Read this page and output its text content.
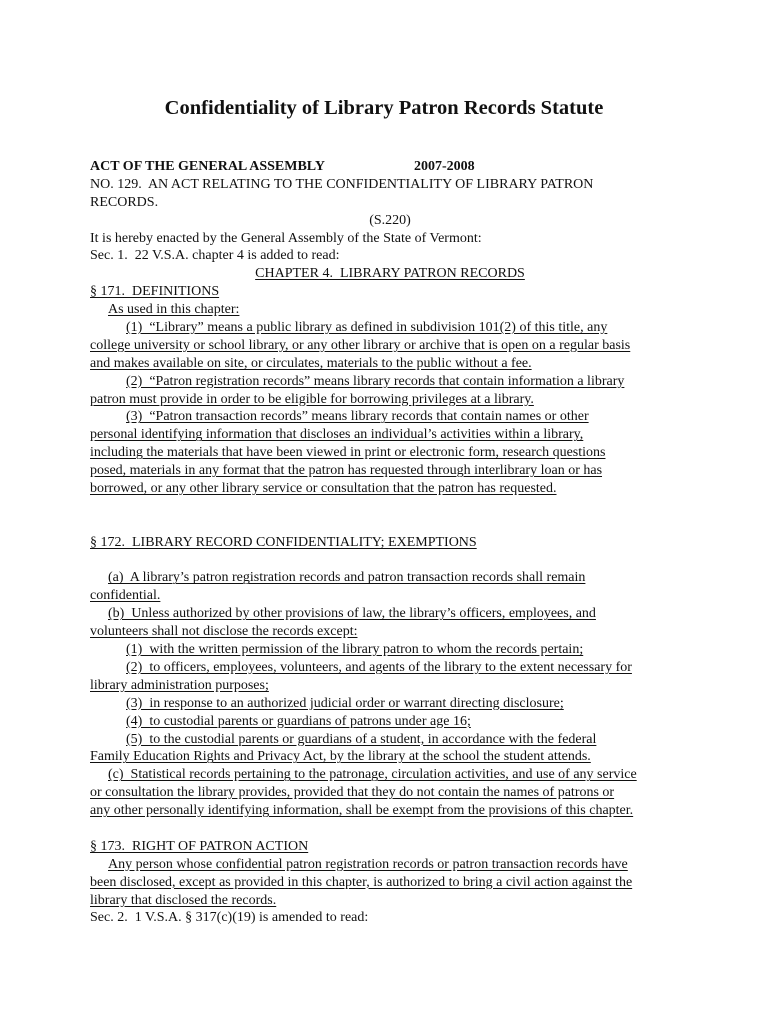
Confidentiality of Library Patron Records Statute
ACT OF THE GENERAL ASSEMBLY	2007-2008
NO. 129.  AN ACT RELATING TO THE CONFIDENTIALITY OF LIBRARY PATRON
RECORDS.
(S.220)
It is hereby enacted by the General Assembly of the State of Vermont:
Sec. 1.  22 V.S.A. chapter 4 is added to read:
CHAPTER 4.  LIBRARY PATRON RECORDS
§ 171.  DEFINITIONS
As used in this chapter:
(1)  “Library” means a public library as defined in subdivision 101(2) of this title, any
college university or school library, or any other library or archive that is open on a regular basis
and makes available on site, or circulates, materials to the public without a fee.
(2)  “Patron registration records” means library records that contain information a library
patron must provide in order to be eligible for borrowing privileges at a library.
(3)  “Patron transaction records” means library records that contain names or other
personal identifying information that discloses an individual’s activities within a library,
including the materials that have been viewed in print or electronic form, research questions
posed, materials in any format that the patron has requested through interlibrary loan or has
borrowed, or any other library service or consultation that the patron has requested.
§ 172.  LIBRARY RECORD CONFIDENTIALITY; EXEMPTIONS
(a)  A library’s patron registration records and patron transaction records shall remain
confidential.
(b)  Unless authorized by other provisions of law, the library’s officers, employees, and
volunteers shall not disclose the records except:
(1)  with the written permission of the library patron to whom the records pertain;
(2)  to officers, employees, volunteers, and agents of the library to the extent necessary for
library administration purposes;
(3)  in response to an authorized judicial order or warrant directing disclosure;
(4)  to custodial parents or guardians of patrons under age 16;
(5)  to the custodial parents or guardians of a student, in accordance with the federal
Family Education Rights and Privacy Act, by the library at the school the student attends.
(c)  Statistical records pertaining to the patronage, circulation activities, and use of any service
or consultation the library provides, provided that they do not contain the names of patrons or
any other personally identifying information, shall be exempt from the provisions of this chapter.
§ 173.  RIGHT OF PATRON ACTION
Any person whose confidential patron registration records or patron transaction records have
been disclosed, except as provided in this chapter, is authorized to bring a civil action against the
library that disclosed the records.
Sec. 2.  1 V.S.A. § 317(c)(19) is amended to read:
